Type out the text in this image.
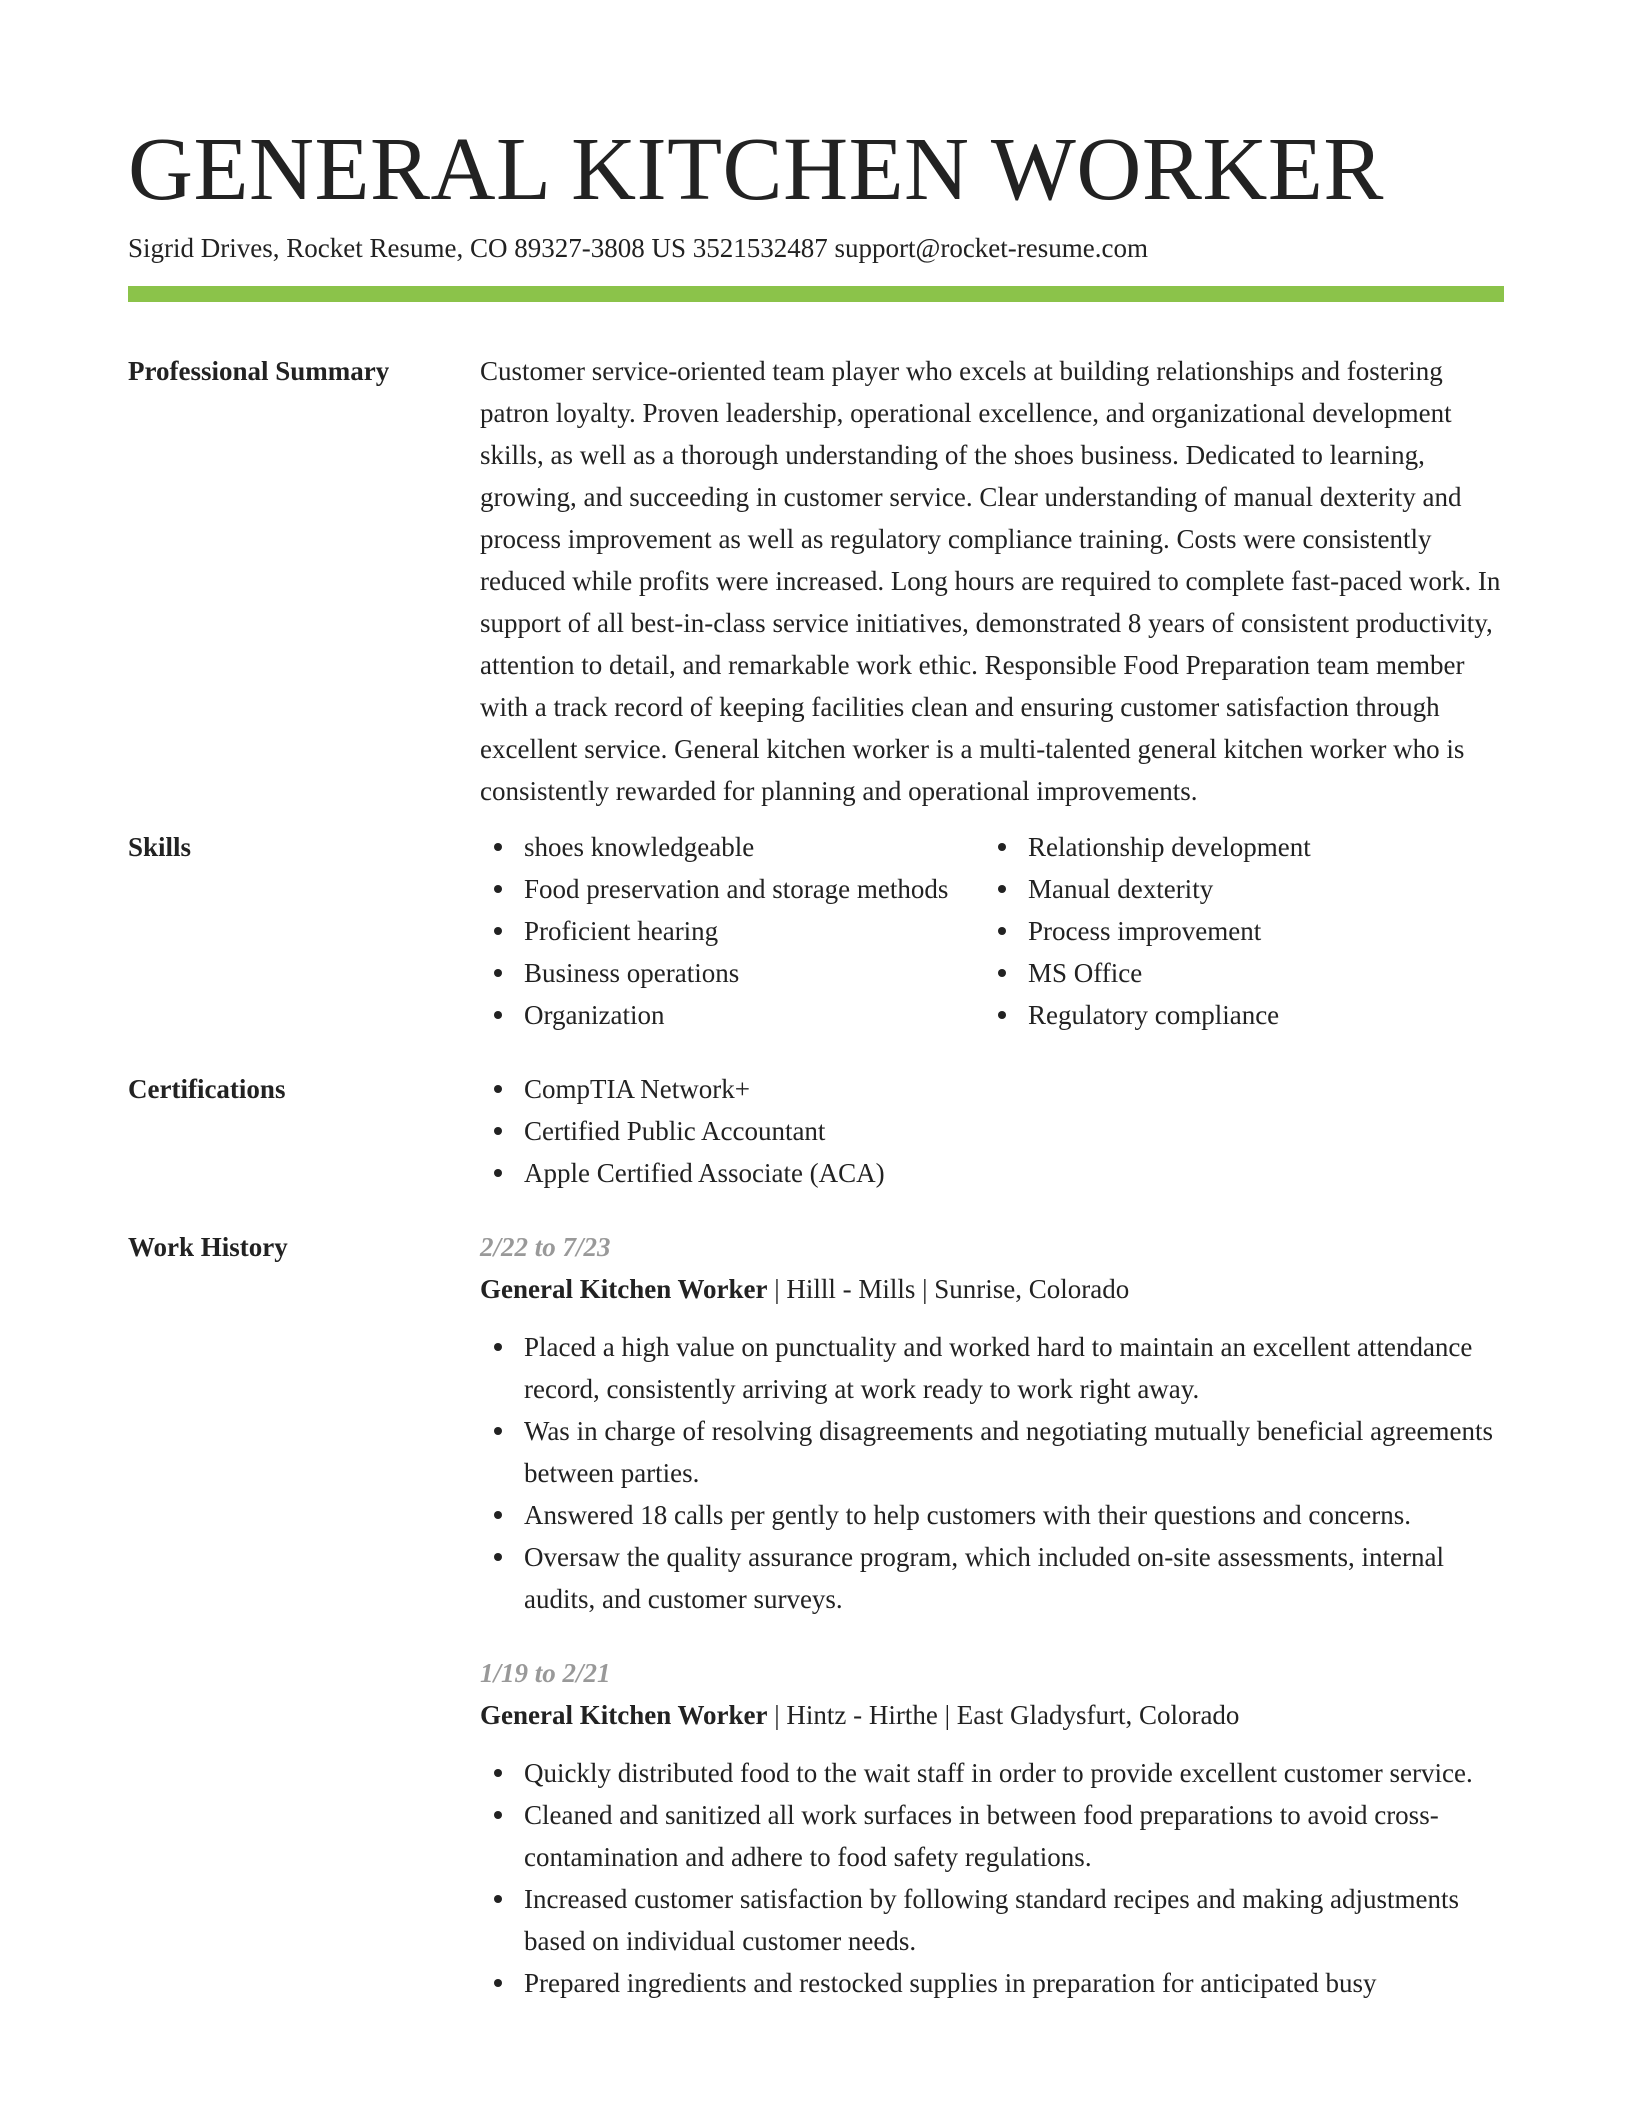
GENERAL KITCHEN WORKER
Sigrid Drives, Rocket Resume, CO 89327-3808 US 3521532487 support@rocket-resume.com
Professional Summary	Customer service-oriented team player who excels at building relationships and fostering patron loyalty. Proven leadership, operational excellence, and organizational development skills, as well as a thorough understanding of the shoes business. Dedicated to learning, growing, and succeeding in customer service. Clear understanding of manual dexterity and process improvement as well as regulatory compliance training. Costs were consistently reduced while profits were increased. Long hours are required to complete fast-paced work. In support of all best-in-class service initiatives, demonstrated 8 years of consistent productivity, attention to detail, and remarkable work ethic. Responsible Food Preparation team member with a track record of keeping facilities clean and ensuring customer satisfaction through excellent service. General kitchen worker is a multi-talented general kitchen worker who is consistently rewarded for planning and operational improvements.

Skills	shoes knowledgeable
Food preservation and storage methods
Proficient hearing
Business operations
Organization
Relationship development
Manual dexterity
Process improvement
MS Office
Regulatory compliance
Certifications	CompTIA Network+
Certified Public Accountant
Apple Certified Associate (ACA)
Work History	2/22 to 7/23
General Kitchen Worker | Hilll - Mills | Sunrise, Colorado
Placed a high value on punctuality and worked hard to maintain an excellent attendance record, consistently arriving at work ready to work right away.
Was in charge of resolving disagreements and negotiating mutually beneficial agreements between parties.
Answered 18 calls per gently to help customers with their questions and concerns.
Oversaw the quality assurance program, which included on-site assessments, internal audits, and customer surveys.
1/19 to 2/21
General Kitchen Worker | Hintz - Hirthe | East Gladysfurt, Colorado
Quickly distributed food to the wait staff in order to provide excellent customer service.
Cleaned and sanitized all work surfaces in between food preparations to avoid cross-contamination and adhere to food safety regulations.
Increased customer satisfaction by following standard recipes and making adjustments based on individual customer needs.
Prepared ingredients and restocked supplies in preparation for anticipated busy
